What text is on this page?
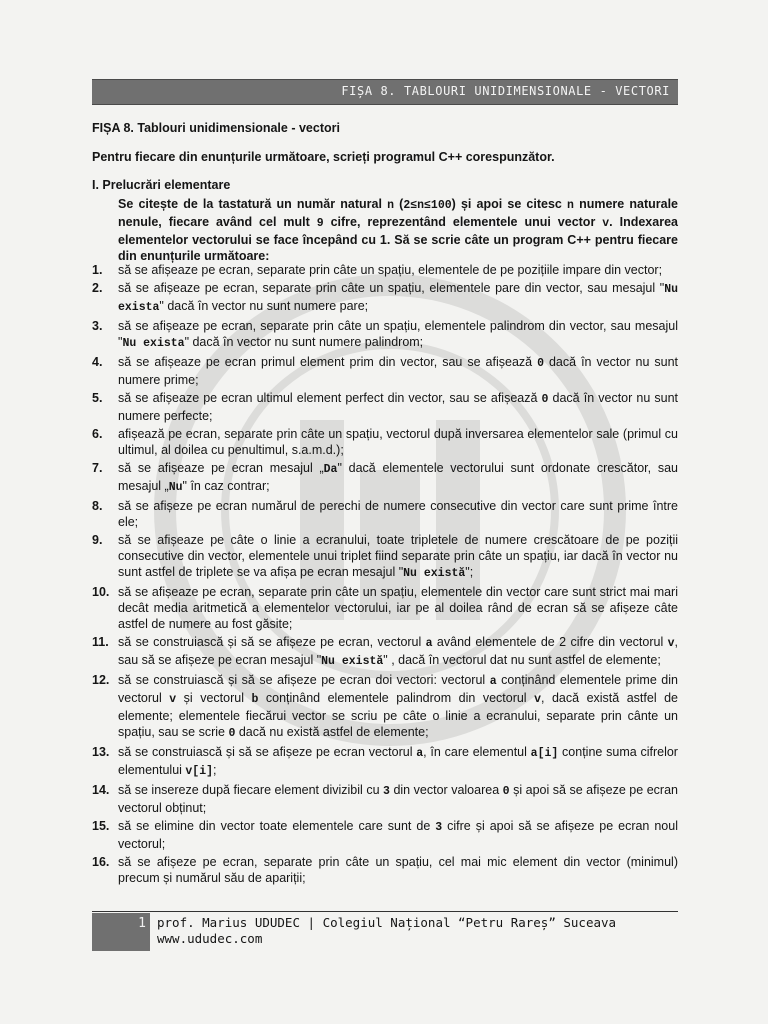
FIȘA 8. TABLOURI UNIDIMENSIONALE - VECTORI
FIȘA 8. Tablouri unidimensionale - vectori
Pentru fiecare din enunțurile următoare, scrieți programul C++ corespunzător.
I. Prelucrări elementare
Se citește de la tastatură un număr natural n (2≤n≤100) și apoi se citesc n numere naturale nenule, fiecare având cel mult 9 cifre, reprezentând elementele unui vector v. Indexarea elementelor vectorului se face începând cu 1. Să se scrie câte un program C++ pentru fiecare din enunțurile următoare:
1. să se afișeaze pe ecran, separate prin câte un spațiu, elementele de pe pozițiile impare din vector;
2. să se afișeaze pe ecran, separate prin câte un spațiu, elementele pare din vector, sau mesajul "Nu exista" dacă în vector nu sunt numere pare;
3. să se afișeaze pe ecran, separate prin câte un spațiu, elementele palindrom din vector, sau mesajul "Nu exista" dacă în vector nu sunt numere palindrom;
4. să se afișeaze pe ecran primul element prim din vector, sau se afișează 0 dacă în vector nu sunt numere prime;
5. să se afișeaze pe ecran ultimul element perfect din vector, sau se afișează 0 dacă în vector nu sunt numere perfecte;
6. afișează pe ecran, separate prin câte un spațiu, vectorul după inversarea elementelor sale (primul cu ultimul, al doilea cu penultimul, s.a.m.d.);
7. să se afișeaze pe ecran mesajul „Da" dacă elementele vectorului sunt ordonate crescător, sau mesajul „Nu" în caz contrar;
8. să se afișeze pe ecran numărul de perechi de numere consecutive din vector care sunt prime între ele;
9. să se afișeaze pe câte o linie a ecranului, toate tripletele de numere crescătoare de pe poziții consecutive din vector, elementele unui triplet fiind separate prin câte un spațiu, iar dacă în vector nu sunt astfel de triplete se va afișa pe ecran mesajul "Nu există";
10. să se afișeaze pe ecran, separate prin câte un spațiu, elementele din vector care sunt strict mai mari decât media aritmetică a elementelor vectorului, iar pe al doilea rând de ecran să se afișeze câte astfel de numere au fost găsite;
11. să se construiască și să se afișeze pe ecran, vectorul a având elementele de 2 cifre din vectorul v, sau să se afișeze pe ecran mesajul "Nu există" , dacă în vectorul dat nu sunt astfel de elemente;
12. să se construiască și să se afișeze pe ecran doi vectori: vectorul a conținând elementele prime din vectorul v și vectorul b conținând elementele palindrom din vectorul v, dacă există astfel de elemente; elementele fiecărui vector se scriu pe câte o linie a ecranului, separate prin cânte un spațiu, sau se scrie 0 dacă nu există astfel de elemente;
13. să se construiască și să se afișeze pe ecran vectorul a, în care elementul a[i] conține suma cifrelor elementului v[i];
14. să se insereze după fiecare element divizibil cu 3 din vector valoarea 0 și apoi să se afișeze pe ecran vectorul obținut;
15. să se elimine din vector toate elementele care sunt de 3 cifre și apoi să se afișeze pe ecran noul vectorul;
16. să se afișeze pe ecran, separate prin câte un spațiu, cel mai mic element din vector (minimul) precum și numărul său de apariții;
1 prof. Marius UDUDEC | Colegiul Național “Petru Rareș” Suceava
www.ududec.com
